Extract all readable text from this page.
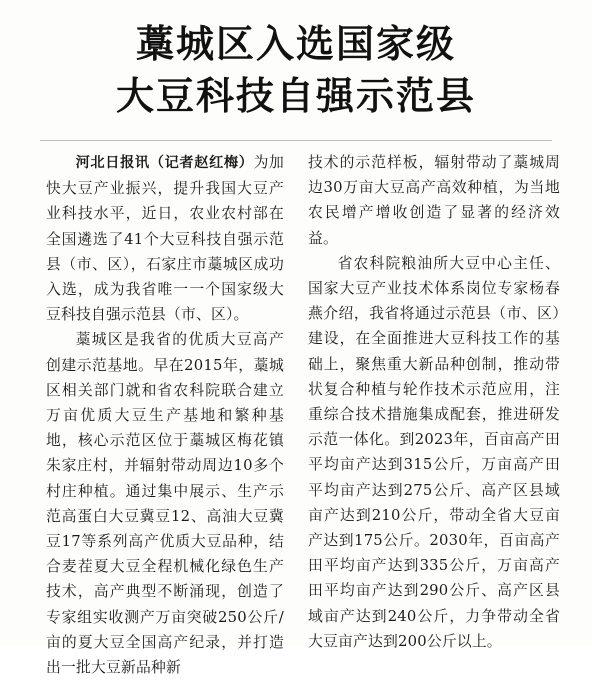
藁城区入选国家级
大豆科技自强示范县

河北日报讯（记者赵红梅）为加快大豆产业振兴，提升我国大豆产业科技水平，近日，农业农村部在全国遴选了41个大豆科技自强示范县（市、区），石家庄市藁城区成功入选，成为我省唯一一个国家级大豆科技自强示范县（市、区）。

藁城区是我省的优质大豆高产创建示范基地。早在2015年，藁城区相关部门就和省农科院联合建立万亩优质大豆生产基地和繁种基地，核心示范区位于藁城区梅花镇朱家庄村，并辐射带动周边10多个村庄种植。通过集中展示、生产示范高蛋白大豆冀豆12、高油大豆冀豆17等系列高产优质大豆品种，结合麦茬夏大豆全程机械化绿色生产技术，高产典型不断涌现，创造了专家组实收测产万亩突破250公斤/亩的夏大豆全国高产纪录，并打造出一批大豆新品种新

技术的示范样板，辐射带动了藁城周边30万亩大豆高产高效种植，为当地农民增产增收创造了显著的经济效益。

省农科院粮油所大豆中心主任、国家大豆产业技术体系岗位专家杨春燕介绍，我省将通过示范县（市、区）建设，在全面推进大豆科技工作的基础上，聚焦重大新品种创制，推动带状复合种植与轮作技术示范应用，注重综合技术措施集成配套，推进研发示范一体化。到2023年，百亩高产田平均亩产达到315公斤，万亩高产田平均亩产达到275公斤、高产区县域亩产达到210公斤，带动全省大豆亩产达到175公斤。2030年，百亩高产田平均亩产达到335公斤，万亩高产田平均亩产达到290公斤、高产区县域亩产达到240公斤，力争带动全省大豆亩产达到200公斤以上。
